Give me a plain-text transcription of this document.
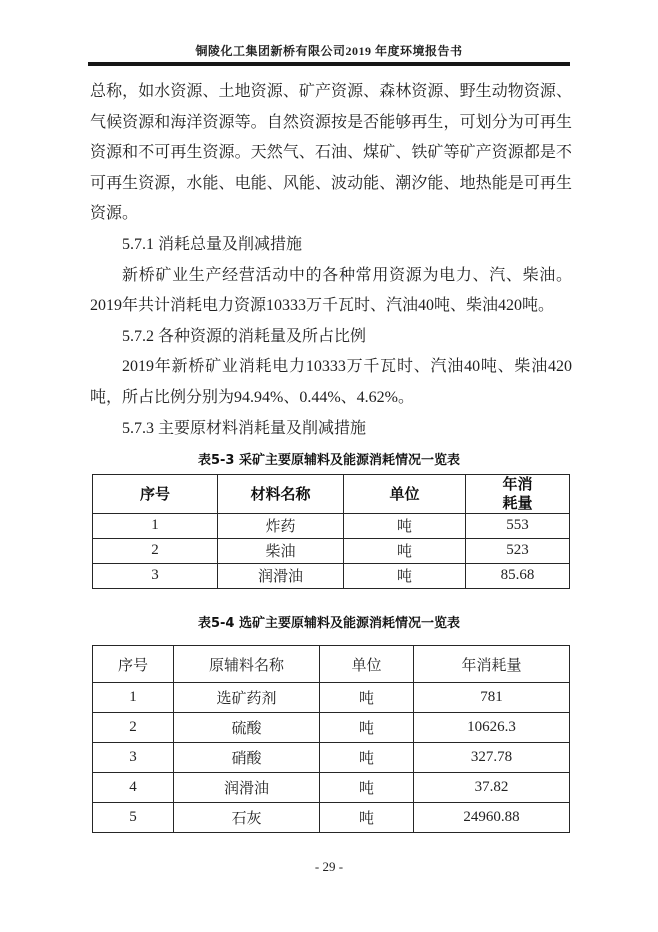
铜陵化工集团新桥有限公司2019 年度环境报告书

总称，如水资源、土地资源、矿产资源、森林资源、野生动物资源、气候资源和海洋资源等。自然资源按是否能够再生，可划分为可再生资源和不可再生资源。天然气、石油、煤矿、铁矿等矿产资源都是不可再生资源，水能、电能、风能、波动能、潮汐能、地热能是可再生资源。

5.7.1 消耗总量及削减措施

新桥矿业生产经营活动中的各种常用资源为电力、汽、柴油。2019年共计消耗电力资源10333万千瓦时、汽油40吨、柴油420吨。

5.7.2 各种资源的消耗量及所占比例

2019年新桥矿业消耗电力10333万千瓦时、汽油40吨、柴油420吨，所占比例分别为94.94%、0.44%、4.62%。

5.7.3 主要原材料消耗量及削减措施

表5-3 采矿主要原辅料及能源消耗情况一览表
序号	材料名称	单位	年消耗量
1	炸药	吨	553
2	柴油	吨	523
3	润滑油	吨	85.68
表5-4 选矿主要原辅料及能源消耗情况一览表
序号	原辅料名称	单位	年消耗量
1	选矿药剂	吨	781
2	硫酸	吨	10626.3
3	硝酸	吨	327.78
4	润滑油	吨	37.82
5	石灰	吨	24960.88
- 29 -
